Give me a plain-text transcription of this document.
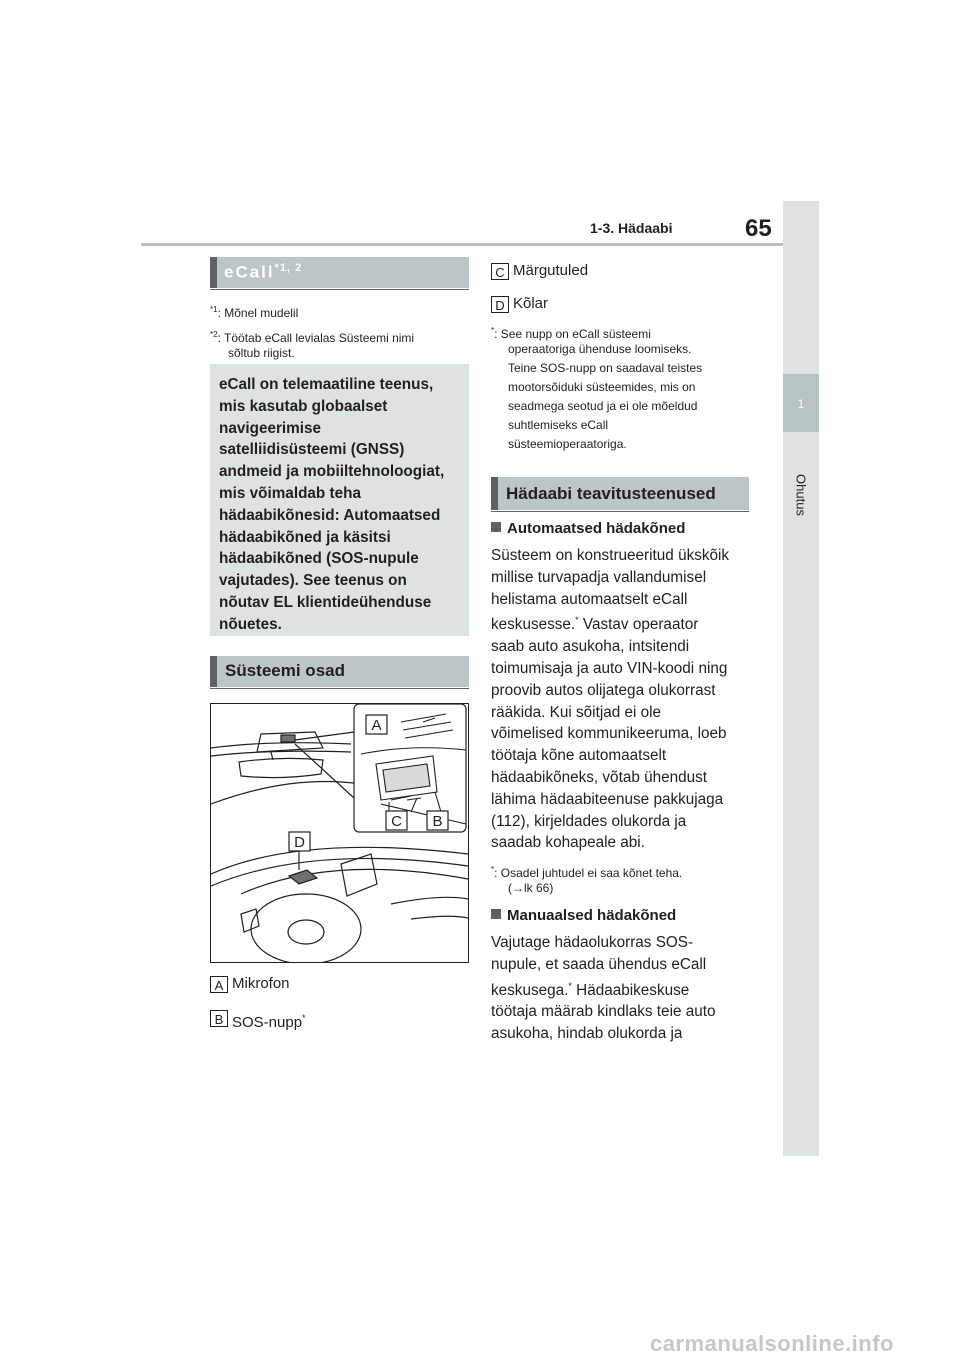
65
1-3. Hädaabi
1
Ohutus
eCall$^{*1, 2}$
$^{*1}$: Mõnel mudelil
$^{*2}$: Töötab eCall levialas Süsteemi nimi
sõltub riigist.

eCall on telemaatiline teenus,
mis kasutab globaalset
navigeerimise
satelliidisüsteemi (GNSS)
andmeid ja mobiiltehnoloogiat,
mis võimaldab teha
hädaabikõnesid: Automaatsed
hädaabikõned ja käsitsi
hädaabikõned (SOS-nupule
vajutades). See teenus on
nõutav EL klientideühenduse
nõuetes.

Süsteemi osad
A
C B
D
A Mikrofon
B SOS-nupp*
C Märgutuled
D Kõlar
*: See nupp on eCall süsteemi
operaatoriga ühenduse loomiseks.
Teine SOS-nupp on saadaval teistes
mootorsõiduki süsteemides, mis on
seadmega seotud ja ei ole mõeldud
suhtlemiseks eCall
süsteemioperaatoriga.
Hädaabi teavitusteenused
Automaatsed hädakõned
Süsteem on konstrueeritud ükskõik
millise turvapadja vallandumisel
helistama automaatselt eCall
keskusesse.* Vastav operaator
saab auto asukoha, intsitendi
toimumisaja ja auto VIN-koodi ning
proovib autos olijatega olukorrast
rääkida. Kui sõitjad ei ole
võimelised kommunikeeruma, loeb
töötaja kõne automaatselt
hädaabikõneks, võtab ühendust
lähima hädaabiteenuse pakkujaga
(112), kirjeldades olukorda ja
saadab kohapeale abi.
*: Osadel juhtudel ei saa kõnet teha.
(→lk 66)
Manuaalsed hädakõned
Vajutage hädaolukorras SOS-
nupule, et saada ühendus eCall
keskusega.* Hädaabikeskuse
töötaja määrab kindlaks teie auto
asukoha, hindab olukorda ja
carmanualsonline.info
